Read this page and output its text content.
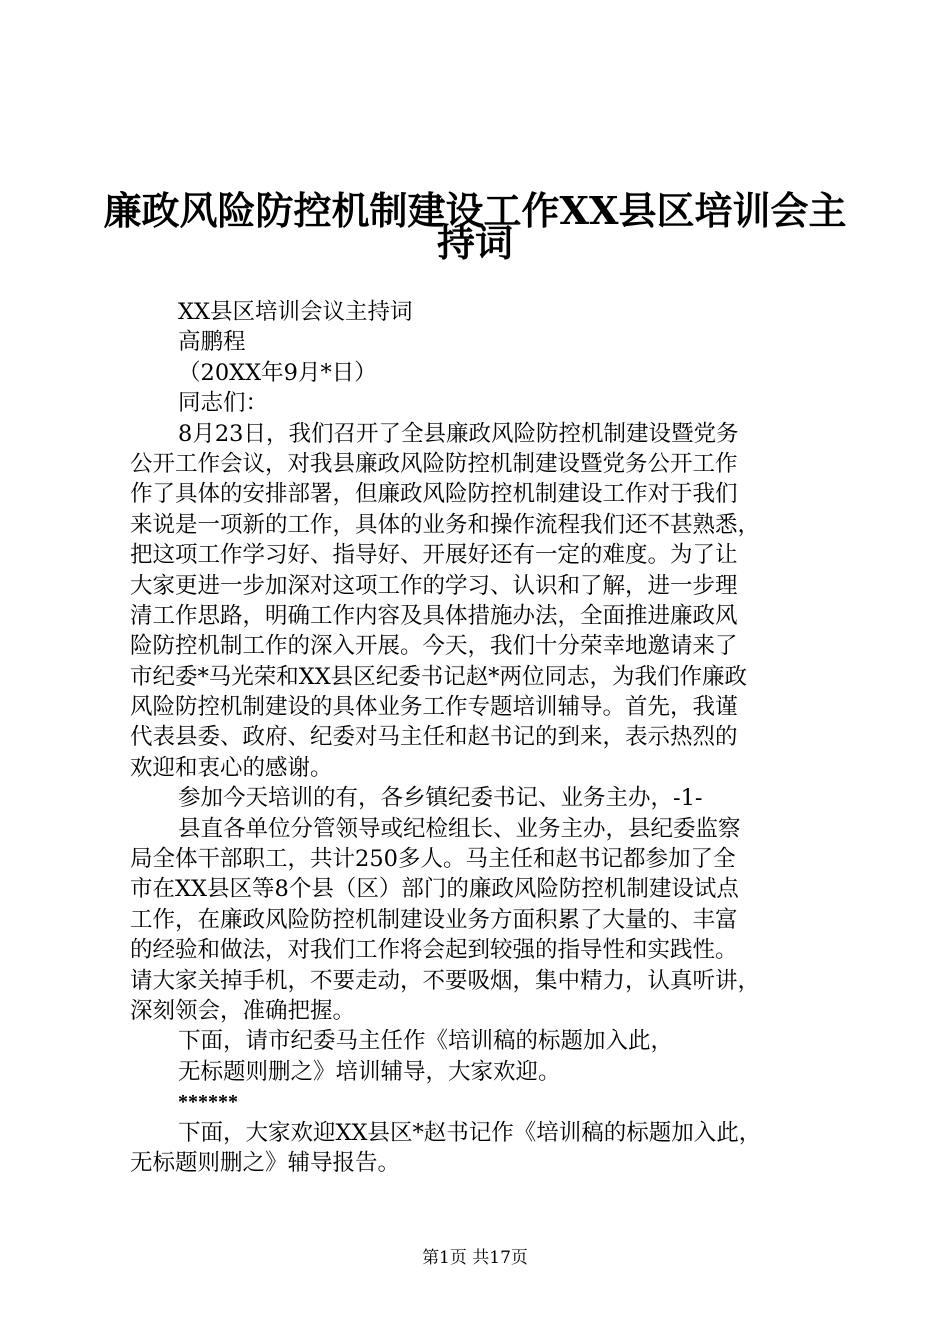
廉政风险防控机制建设工作XX县区培训会主
持词
XX县区培训会议主持词
高鹏程
（20XX年9月*日）
同志们：
8月23日，我们召开了全县廉政风险防控机制建设暨党务
公开工作会议，对我县廉政风险防控机制建设暨党务公开工作
作了具体的安排部署，但廉政风险防控机制建设工作对于我们
来说是一项新的工作，具体的业务和操作流程我们还不甚熟悉，
把这项工作学习好、指导好、开展好还有一定的难度。为了让
大家更进一步加深对这项工作的学习、认识和了解，进一步理
清工作思路，明确工作内容及具体措施办法，全面推进廉政风
险防控机制工作的深入开展。今天，我们十分荣幸地邀请来了
市纪委*马光荣和XX县区纪委书记赵*两位同志，为我们作廉政
风险防控机制建设的具体业务工作专题培训辅导。首先，我谨
代表县委、政府、纪委对马主任和赵书记的到来，表示热烈的
欢迎和衷心的感谢。
参加今天培训的有，各乡镇纪委书记、业务主办，-1-
县直各单位分管领导或纪检组长、业务主办，县纪委监察
局全体干部职工，共计250多人。马主任和赵书记都参加了全
市在XX县区等8个县（区）部门的廉政风险防控机制建设试点
工作，在廉政风险防控机制建设业务方面积累了大量的、丰富
的经验和做法，对我们工作将会起到较强的指导性和实践性。
请大家关掉手机，不要走动，不要吸烟，集中精力，认真听讲，
深刻领会，准确把握。
下面，请市纪委马主任作《培训稿的标题加入此，
无标题则删之》培训辅导，大家欢迎。
******
下面，大家欢迎XX县区*赵书记作《培训稿的标题加入此，
无标题则删之》辅导报告。
第1页 共17页
